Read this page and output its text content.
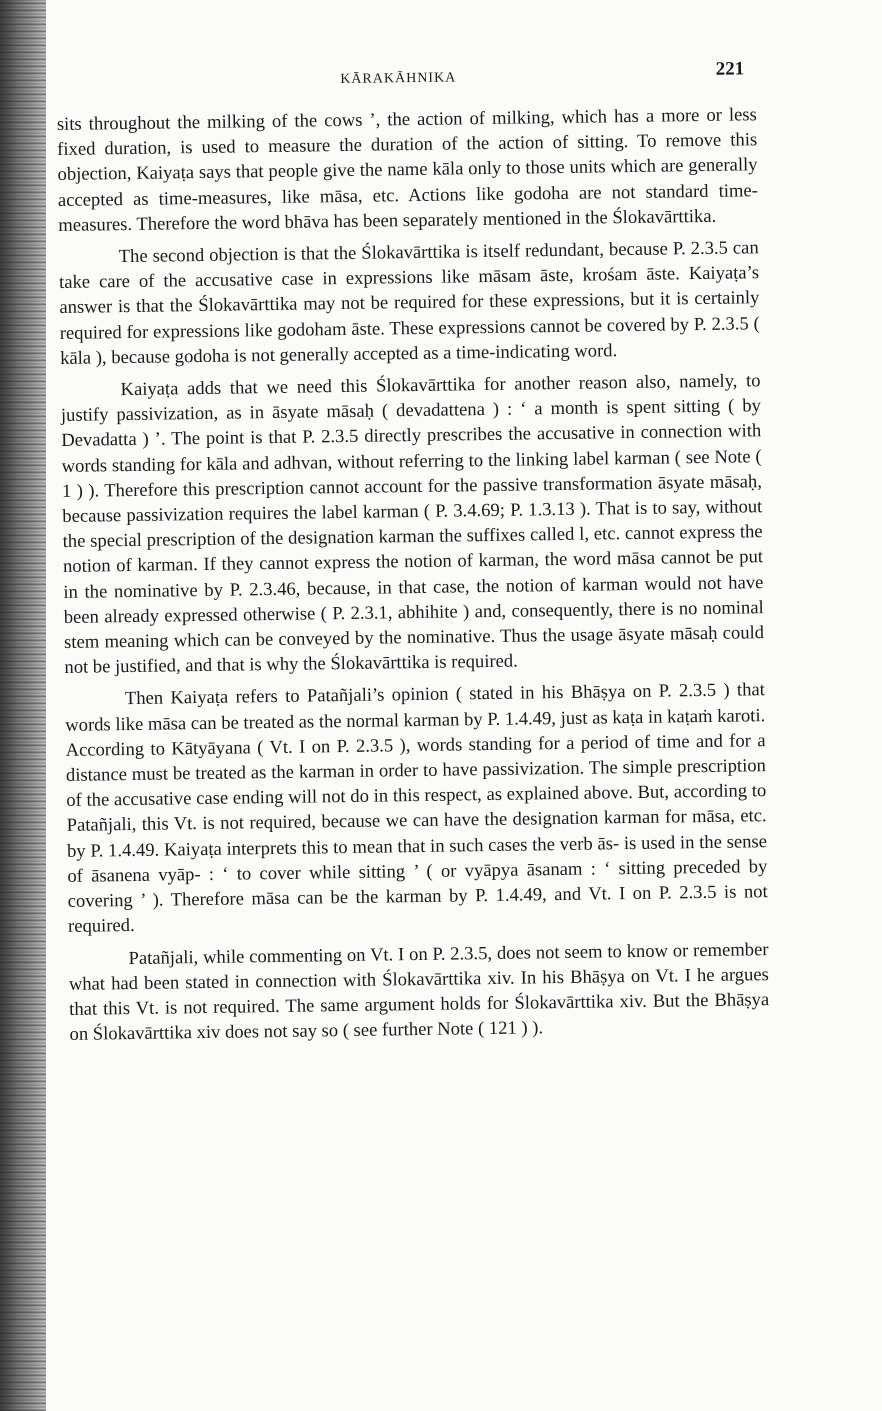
KĀRAKĀHNIKA	221

sits throughout the milking of the cows ’, the action of milking, which has a more or less fixed duration, is used to measure the duration of the action of sitting. To remove this objection, Kaiyaṭa says that people give the name kāla only to those units which are generally accepted as time-measures, like māsa, etc. Actions like godoha are not standard time-measures. Therefore the word bhāva has been separately mentioned in the Ślokavārttika.

The second objection is that the Ślokavārttika is itself redundant, because P. 2.3.5 can take care of the accusative case in expressions like māsam āste, krośam āste. Kaiyaṭa’s answer is that the Ślokavārttika may not be required for these expressions, but it is certainly required for expressions like godoham āste. These expressions cannot be covered by P. 2.3.5 ( kāla ), because godoha is not generally accepted as a time-indicating word.

Kaiyaṭa adds that we need this Ślokavārttika for another reason also, namely, to justify passivization, as in āsyate māsaḥ ( devadattena ) : ‘ a month is spent sitting ( by Devadatta ) ’. The point is that P. 2.3.5 directly prescribes the accusative in connection with words standing for kāla and adhvan, without referring to the linking label karman ( see Note ( 1 ) ). Therefore this prescription cannot account for the passive transformation āsyate māsaḥ, because passivization requires the label karman ( P. 3.4.69; P. 1.3.13 ). That is to say, without the special prescription of the designation karman the suffixes called l, etc. cannot express the notion of karman. If they cannot express the notion of karman, the word māsa cannot be put in the nominative by P. 2.3.46, because, in that case, the notion of karman would not have been already expressed otherwise ( P. 2.3.1, abhihite ) and, consequently, there is no nominal stem meaning which can be conveyed by the nominative. Thus the usage āsyate māsaḥ could not be justified, and that is why the Ślokavārttika is required.

Then Kaiyaṭa refers to Patañjali’s opinion ( stated in his Bhāṣya on P. 2.3.5 ) that words like māsa can be treated as the normal karman by P. 1.4.49, just as kaṭa in kaṭaṁ karoti. According to Kātyāyana ( Vt. I on P. 2.3.5 ), words standing for a period of time and for a distance must be treated as the karman in order to have passivization. The simple prescription of the accusative case ending will not do in this respect, as explained above. But, according to Patañjali, this Vt. is not required, because we can have the designation karman for māsa, etc. by P. 1.4.49. Kaiyaṭa interprets this to mean that in such cases the verb ās- is used in the sense of āsanena vyāp- : ‘ to cover while sitting ’ ( or vyāpya āsanam : ‘ sitting preceded by covering ’ ). Therefore māsa can be the karman by P. 1.4.49, and Vt. I on P. 2.3.5 is not required.

Patañjali, while commenting on Vt. I on P. 2.3.5, does not seem to know or remember what had been stated in connection with Ślokavārttika xiv. In his Bhāṣya on Vt. I he argues that this Vt. is not required. The same argument holds for Ślokavārttika xiv. But the Bhāṣya on Ślokavārttika xiv does not say so ( see further Note ( 121 ) ).
